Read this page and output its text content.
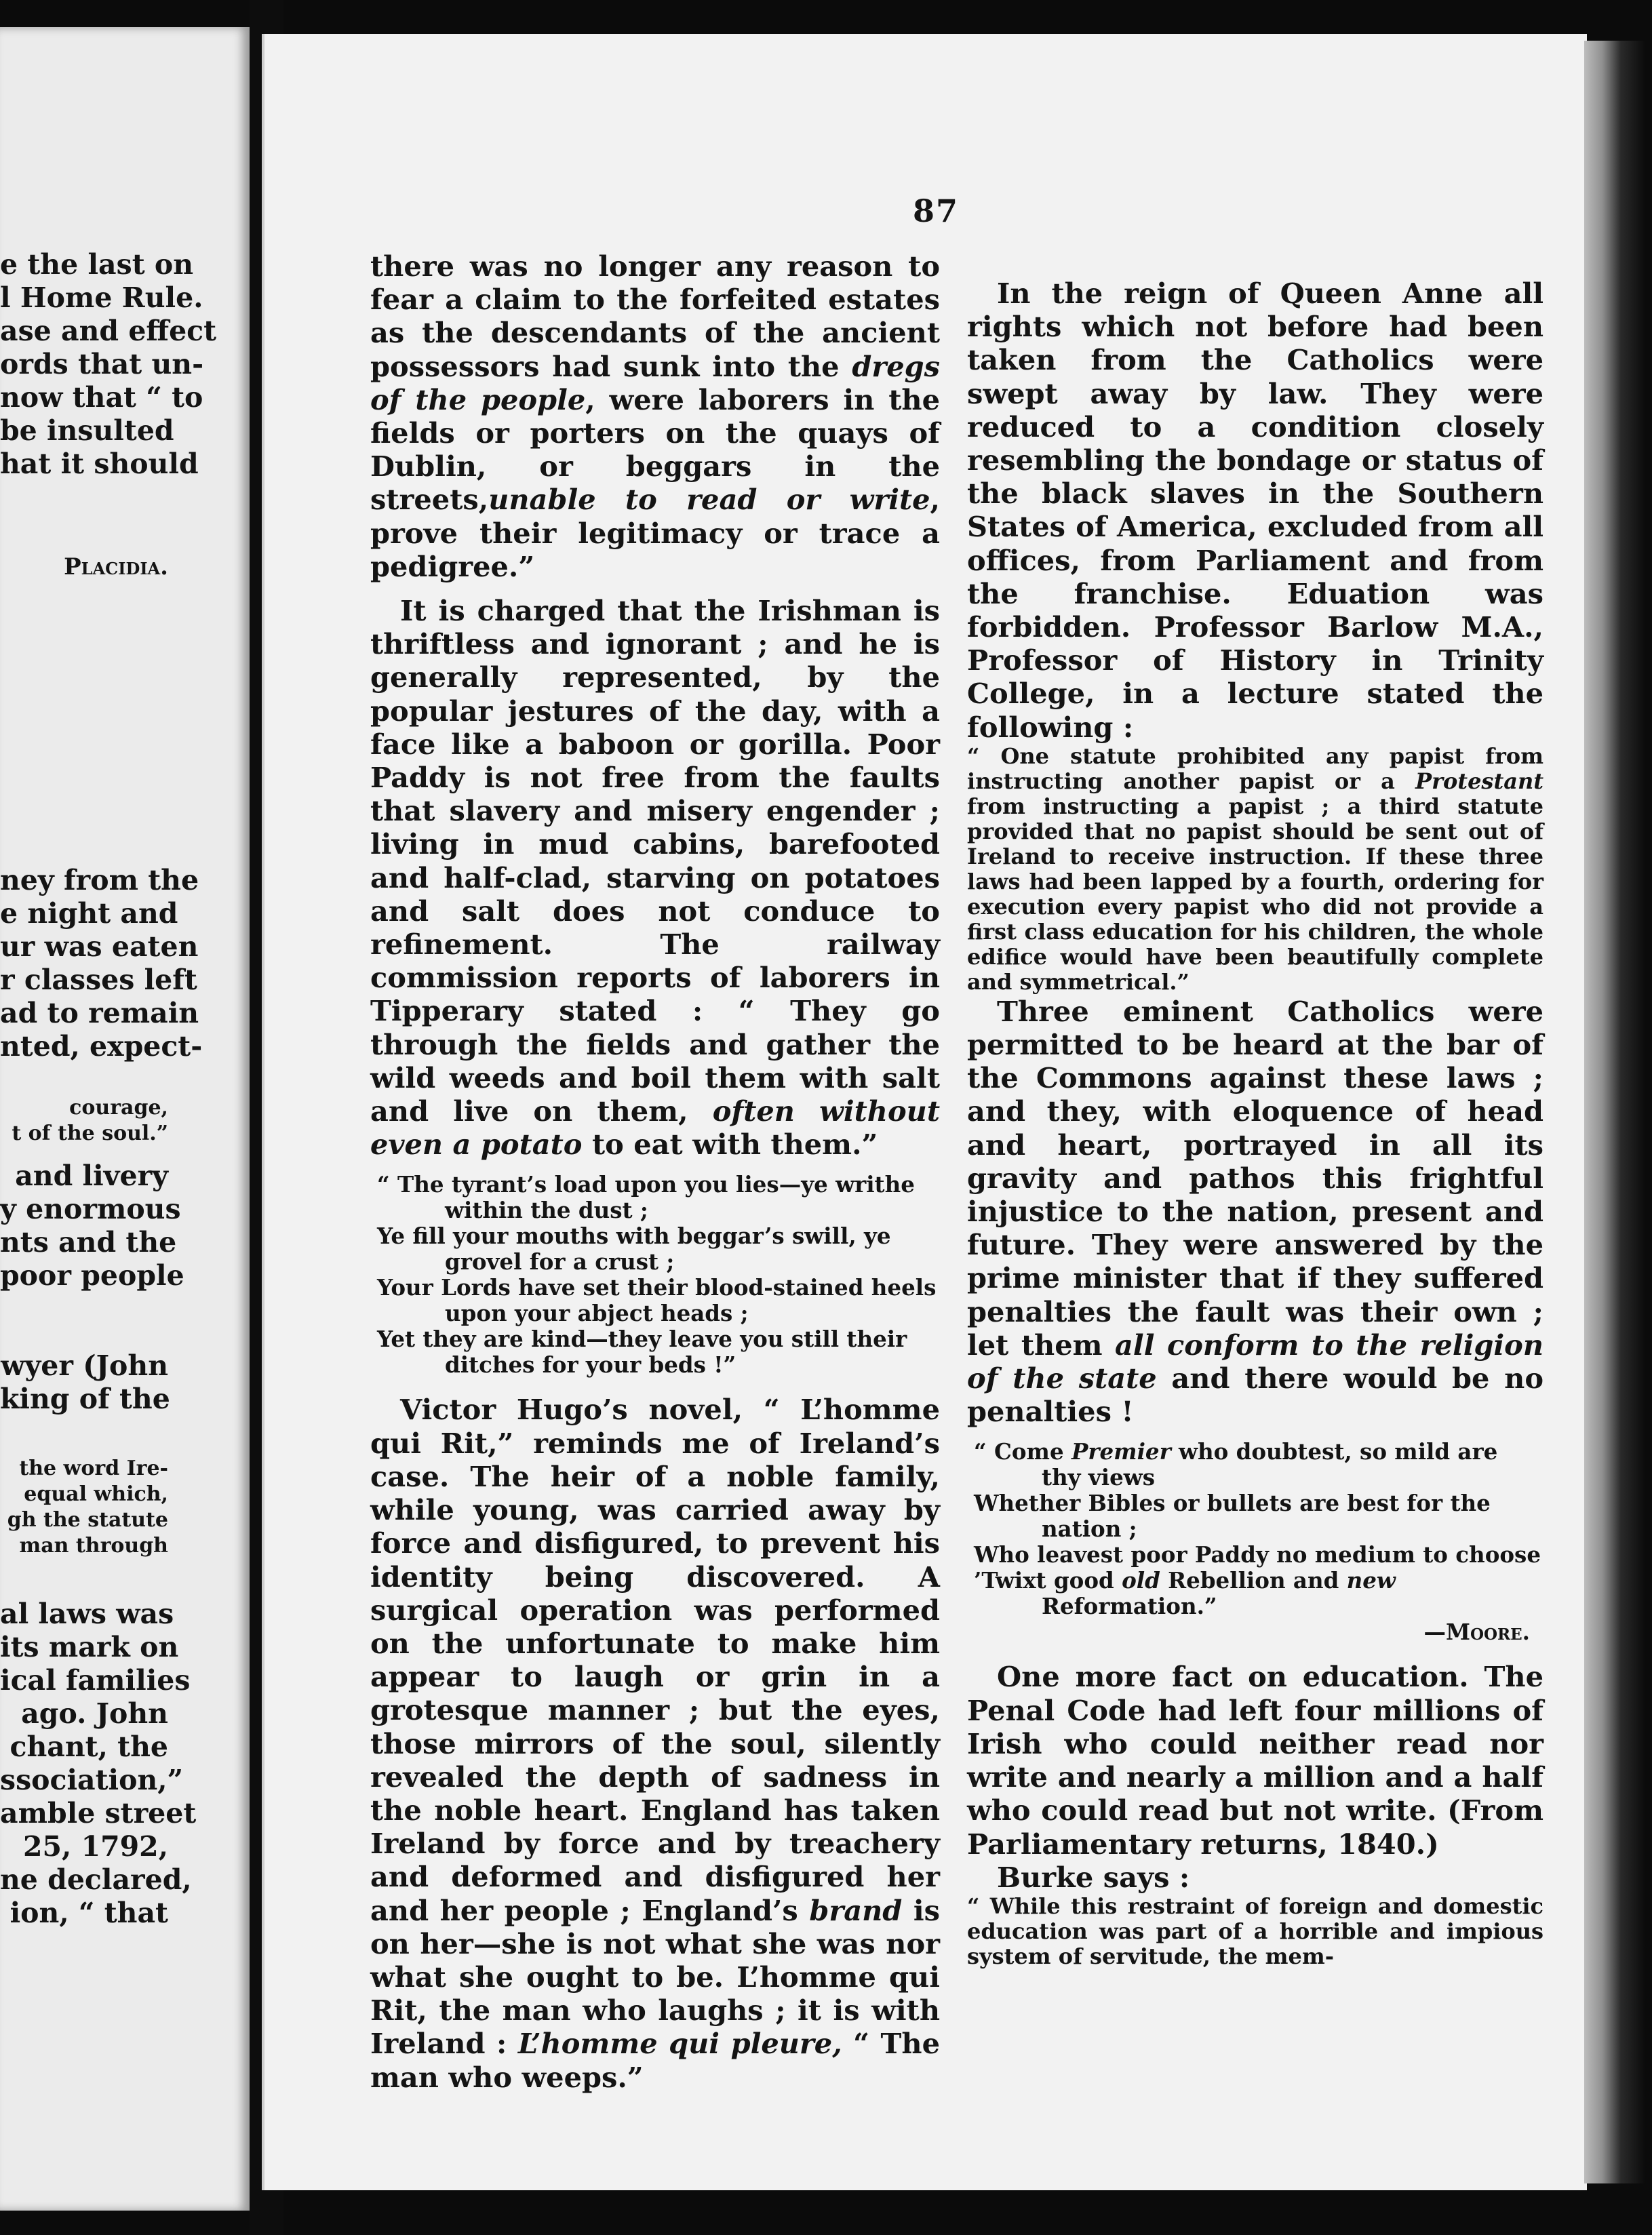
e the last on
l Home Rule.
ase and effect
ords that un-
now that “ to
be insulted
hat it should
Placidia.
ney from the
e night and
ur was eaten
r classes left
ad to remain
nted, expect-
courage,
t of the soul.”
and livery
y enormous
nts and the
poor people
wyer (John
king of the
the word Ire-
equal which,
gh the statute
man through
al laws was
its mark on
ical families
ago. John
chant, the
ssociation,”
amble street
25, 1792,
ne declared,
ion, “ that
87

there was no longer any reason to fear a claim to the forfeited estates as the descendants of the ancient possessors had sunk into the dregs of the people, were laborers in the fields or porters on the quays of Dublin, or beggars in the streets,unable to read or write, prove their legitimacy or trace a pedigree.”

It is charged that the Irishman is thriftless and ignorant ; and he is generally represented, by the popular jestures of the day, with a face like a baboon or gorilla. Poor Paddy is not free from the faults that slavery and misery engender ; living in mud cabins, barefooted and half-clad, starving on potatoes and salt does not conduce to refinement. The railway commission reports of laborers in Tipperary stated : “ They go through the fields and gather the wild weeds and boil them with salt and live on them, often without even a potato to eat with them.”

“ The tyrant’s load upon you lies—ye writhe within the dust ;
Ye fill your mouths with beggar’s swill, ye grovel for a crust ;
Your Lords have set their blood-stained heels upon your abject heads ;
Yet they are kind—they leave you still their ditches for your beds !”

Victor Hugo’s novel, “ L’homme qui Rit,” reminds me of Ireland’s case. The heir of a noble family, while young, was carried away by force and disfigured, to prevent his identity being discovered. A surgical operation was performed on the unfortunate to make him appear to laugh or grin in a grotesque manner ; but the eyes, those mirrors of the soul, silently revealed the depth of sadness in the noble heart. England has taken Ireland by force and by treachery and deformed and disfigured her and her people ; England’s brand is on her—she is not what she was nor what she ought to be. L’homme qui Rit, the man who laughs ; it is with Ireland : L’homme qui pleure, “ The man who weeps.”

In the reign of Queen Anne all rights which not before had been taken from the Catholics were swept away by law. They were reduced to a condition closely resembling the bondage or status of the black slaves in the Southern States of America, excluded from all offices, from Parliament and from the franchise. Eduation was forbidden. Professor Barlow M.A., Professor of History in Trinity College, in a lecture stated the following :

“ One statute prohibited any papist from instructing another papist or a Protestant from instructing a papist ; a third statute provided that no papist should be sent out of Ireland to receive instruction. If these three laws had been lapped by a fourth, ordering for execution every papist who did not provide a first class education for his children, the whole edifice would have been beautifully complete and symmetrical.”

Three eminent Catholics were permitted to be heard at the bar of the Commons against these laws ; and they, with eloquence of head and heart, portrayed in all its gravity and pathos this frightful injustice to the nation, present and future. They were answered by the prime minister that if they suffered penalties the fault was their own ; let them all conform to the religion of the state and there would be no penalties !

“ Come Premier who doubtest, so mild are thy views
Whether Bibles or bullets are best for the nation ;
Who leavest poor Paddy no medium to choose
’Twixt good old Rebellion and new Reformation.”
—Moore.

One more fact on education. The Penal Code had left four millions of Irish who could neither read nor write and nearly a million and a half who could read but not write. (From Parliamentary returns, 1840.)

Burke says :

“ While this restraint of foreign and domestic education was part of a horrible and impious system of servitude, the mem-
